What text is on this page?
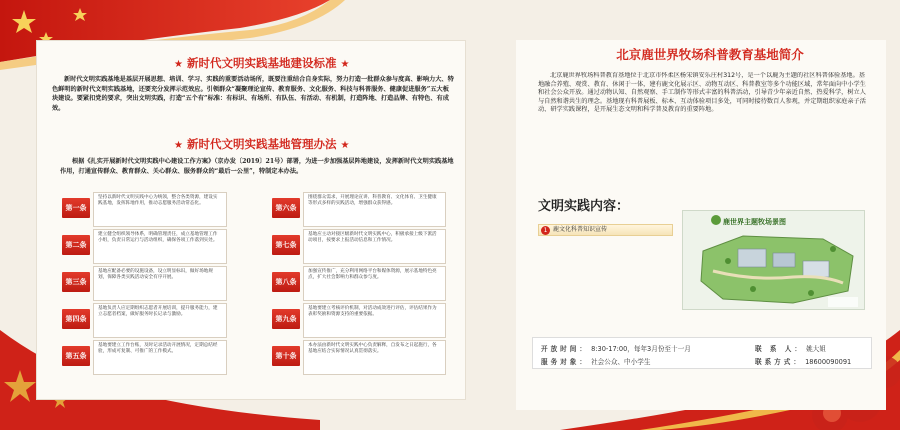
★ 新时代文明实践基地建设标准 ★
新时代文明实践基地是基层开展思想、培训、学习、实践的重要活动场所，既要注重结合自身实际，努力打造一批群众参与度高、影响力大、特色鲜明的新时代文明实践基地，还要充分发挥示范效应。引领群众“凝聚理论宣传、教育服务、文化服务、科技与科普服务、健康促进服务”五大板块建设。要紧扣党的要求，突出文明实践，打造“五个有”标准：有标识、有场所、有队伍、有活动、有机制，打造阵地、打造品牌、有特色、有成效。
★ 新时代文明实践基地管理办法 ★
根据《扎实开展新时代文明实践中心建设工作方案》（京办发〔2019〕21号）部署，为进一步加强基层阵地建设，发挥新时代文明实践基地作用，打通宣传群众、教育群众、关心群众、服务群众的“最后一公里”，特制定本办法。
第一条
坚持以新时代文明实践中心为统领，整合各类资源，建设实践基地，发挥阵地作用，推动志愿服务活动常态化。
第二条
建立健全组织领导体系，明确管理责任，成立基地管理工作小组，负责日常运行与活动组织，确保各项工作落到实处。
第三条
基地应配备必要的设施设备，设立明显标识，做好场地规划，保障各类实践活动安全有序开展。
第四条
基地负责人应定期组织志愿者开展培训，提升服务能力，建立志愿者档案，做好服务时长记录与激励。
第五条
基地要建立工作台账，及时记录活动开展情况，定期总结经验，形成可复制、可推广的工作模式。
第六条
围绕群众需求，开展理论宣讲、科普教育、文化体育、卫生健康等形式多样的实践活动，增强群众获得感。
第七条
基地应主动对接区级新时代文明实践中心，积极承接上级下派活动项目，按要求上报活动信息和工作情况。
第八条
加强宣传推广，充分利用网络平台和媒体资源，展示基地特色亮点，扩大社会影响力和群众参与度。
第九条
基地要建立考核评价机制，对活动成效进行评估，评估结果作为表彰奖励和资源支持的重要依据。
第十条
本办法由新时代文明实践中心负责解释，自发布之日起施行，各基地应结合实际情况认真贯彻落实。
北京鹿世界牧场科普教育基地简介
北京鹿世界牧场科普教育基地位于北京市怀柔区杨宋镇安乐庄村312号，是一个以鹿为主题的社区科普体验基地。基地融合养殖、观赏、教育、休闲于一体，建有鹿文化展示区、动物互动区、科普教室等多个功能区域，常年面向中小学生和社会公众开放。通过动物认知、自然观察、手工制作等形式丰富的科普活动，引导青少年亲近自然、热爱科学，树立人与自然和谐共生的理念。基地现有科普展板、标本、互动体验项目多处，可同时接待数百人参观，并定期组织家庭亲子活动、研学实践课程，是开展生态文明和科学普及教育的重要阵地。
文明实践内容：
1 鹿文化科普知识宣传
鹿世界主题牧场景图
开放时间： 8:30-17:00，每年3月份至十一月	联 系 人： 姚大姐
服务对象： 社会公众、中小学生	联系方式： 18600090091
